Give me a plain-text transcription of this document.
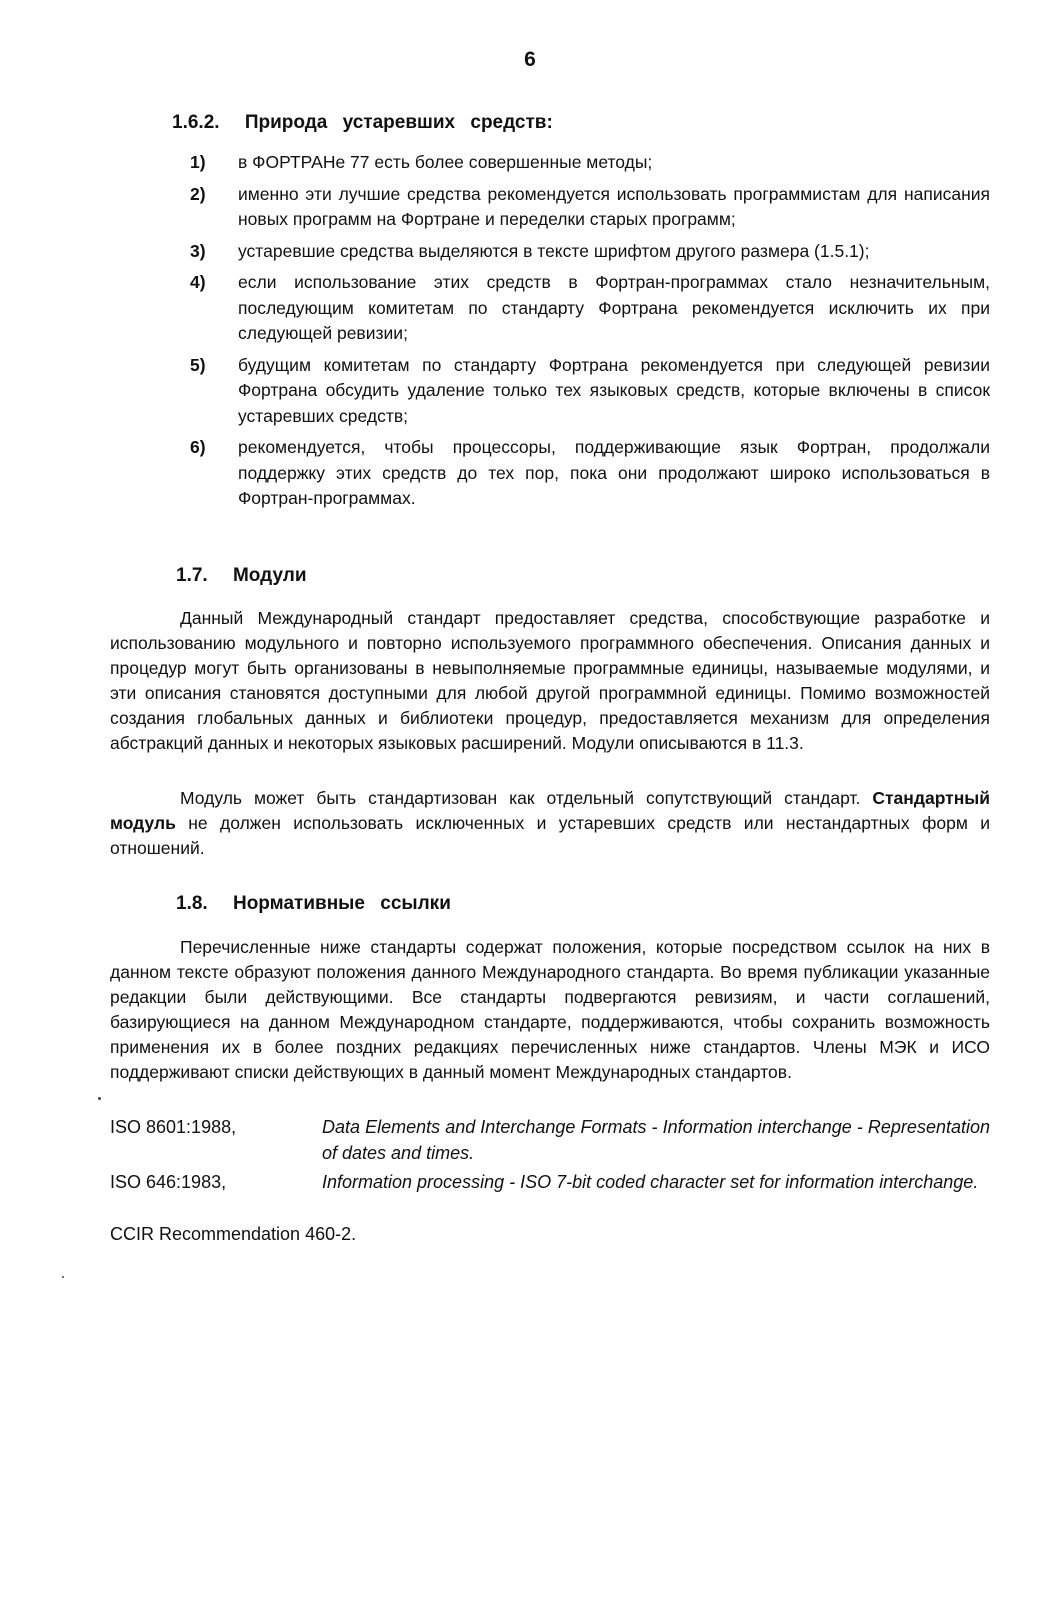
6
1.6.2. Природа устаревших средств:
1) в ФОРТРАНе 77 есть более совершенные методы;
2) именно эти лучшие средства рекомендуется использовать программистам для написания новых программ на Фортране и переделки старых программ;
3) устаревшие средства выделяются в тексте шрифтом другого размера (1.5.1);
4) если использование этих средств в Фортран-программах стало незначительным, последующим комитетам по стандарту Фортрана рекомендуется исключить их при следующей ревизии;
5) будущим комитетам по стандарту Фортрана рекомендуется при следующей ревизии Фортрана обсудить удаление только тех языковых средств, которые включены в список устаревших средств;
6) рекомендуется, чтобы процессоры, поддерживающие язык Фортран, продолжали поддержку этих средств до тех пор, пока они продолжают широко использоваться в Фортран-программах.
1.7. Модули

Данный Международный стандарт предоставляет средства, способствующие разработке и использованию модульного и повторно используемого программного обеспечения. Описания данных и процедур могут быть организованы в невыполняемые программные единицы, называемые модулями, и эти описания становятся доступными для любой другой программной единицы. Помимо возможностей создания глобальных данных и библиотеки процедур, предоставляется механизм для определения абстракций данных и некоторых языковых расширений. Модули описываются в 11.3.

Модуль может быть стандартизован как отдельный сопутствующий стандарт. Стандартный модуль не должен использовать исключенных и устаревших средств или нестандартных форм и отношений.

1.8. Нормативные ссылки

Перечисленные ниже стандарты содержат положения, которые посредством ссылок на них в данном тексте образуют положения данного Международного стандарта. Во время публикации указанные редакции были действующими. Все стандарты подвергаются ревизиям, и части соглашений, базирующиеся на данном Международном стандарте, поддерживаются, чтобы сохранить возможность применения их в более поздних редакциях перечисленных ниже стандартов. Члены МЭК и ИСО поддерживают списки действующих в данный момент Международных стандартов.

ISO 8601:1988,	Data Elements and Interchange Formats - Information interchange - Representation of dates and times.
ISO 646:1983,	Information processing - ISO 7-bit coded character set for information interchange.
CCIR Recommendation 460-2.
